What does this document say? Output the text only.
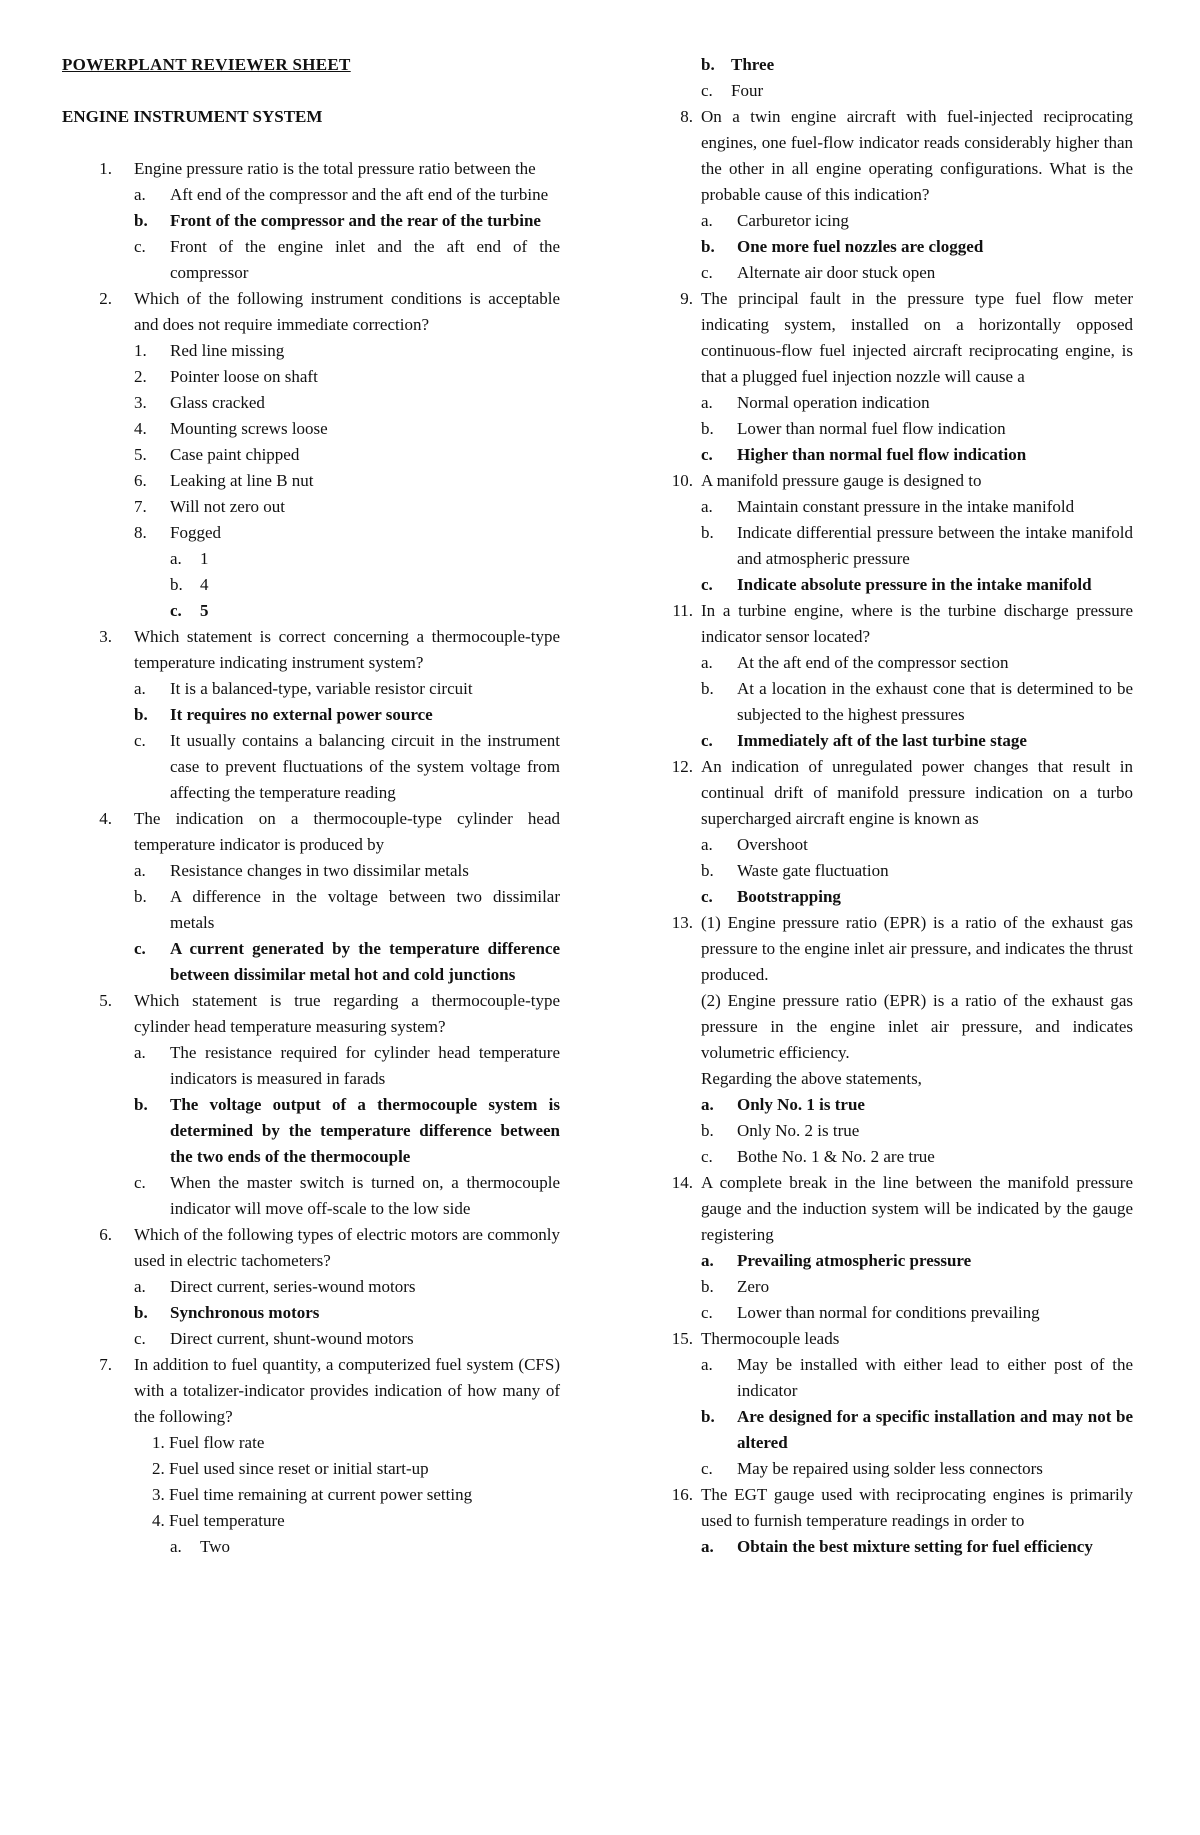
POWERPLANT REVIEWER SHEET
ENGINE INSTRUMENT SYSTEM
1. Engine pressure ratio is the total pressure ratio between the
a.	Aft end of the compressor and the aft end of the turbine
b.	Front of the compressor and the rear of the turbine
c.	Front of the engine inlet and the aft end of the compressor
2. Which of the following instrument conditions is acceptable and does not require immediate correction?
1.	Red line missing
2.	Pointer loose on shaft
3.	Glass cracked
4.	Mounting screws loose
5.	Case paint chipped
6.	Leaking at line B nut
7.	Will not zero out
8.	Fogged
a.	1
b.	4
c.	5
3. Which statement is correct concerning a thermocouple-type temperature indicating instrument system?
a.	It is a balanced-type, variable resistor circuit
b.	It requires no external power source
c.	It usually contains a balancing circuit in the instrument case to prevent fluctuations of the system voltage from affecting the temperature reading
4. The indication on a thermocouple-type cylinder head temperature indicator is produced by
a.	Resistance changes in two dissimilar metals
b.	A difference in the voltage between two dissimilar metals
c.	A current generated by the temperature difference between dissimilar metal hot and cold junctions
5. Which statement is true regarding a thermocouple-type cylinder head temperature measuring system?
a.	The resistance required for cylinder head temperature indicators is measured in farads
b.	The voltage output of a thermocouple system is determined by the temperature difference between the two ends of the thermocouple
c.	When the master switch is turned on, a thermocouple indicator will move off-scale to the low side
6. Which of the following types of electric motors are commonly used in electric tachometers?
a.	Direct current, series-wound motors
b.	Synchronous motors
c.	Direct current, shunt-wound motors
7. In addition to fuel quantity, a computerized fuel system (CFS) with a totalizer-indicator provides indication of how many of the following?
1. Fuel flow rate
2. Fuel used since reset or initial start-up
3. Fuel time remaining at current power setting
4. Fuel temperature
a.	Two
b. Three
c.	Four
8. On a twin engine aircraft with fuel-injected reciprocating engines, one fuel-flow indicator reads considerably higher than the other in all engine operating configurations. What is the probable cause of this indication?
a.	Carburetor icing
b.	One more fuel nozzles are clogged
c.	Alternate air door stuck open
9. The principal fault in the pressure type fuel flow meter indicating system, installed on a horizontally opposed continuous-flow fuel injected aircraft reciprocating engine, is that a plugged fuel injection nozzle will cause a
a.	Normal operation indication
b.	Lower than normal fuel flow indication
c.	Higher than normal fuel flow indication
10. A manifold pressure gauge is designed to
a.	Maintain constant pressure in the intake manifold
b.	Indicate differential pressure between the intake manifold and atmospheric pressure
c.	Indicate absolute pressure in the intake manifold
11. In a turbine engine, where is the turbine discharge pressure indicator sensor located?
a.	At the aft end of the compressor section
b.	At a location in the exhaust cone that is determined to be subjected to the highest pressures
c.	Immediately aft of the last turbine stage
12. An indication of unregulated power changes that result in continual drift of manifold pressure indication on a turbo supercharged aircraft engine is known as
a.	Overshoot
b.	Waste gate fluctuation
c.	Bootstrapping
13. (1) Engine pressure ratio (EPR) is a ratio of the exhaust gas pressure to the engine inlet air pressure, and indicates the thrust produced.
(2) Engine pressure ratio (EPR) is a ratio of the exhaust gas pressure in the engine inlet air pressure, and indicates volumetric efficiency.
Regarding the above statements,
a.	Only No. 1 is true
b.	Only No. 2 is true
c.	Bothe No. 1 & No. 2 are true
14. A complete break in the line between the manifold pressure gauge and the induction system will be indicated by the gauge registering
a.	Prevailing atmospheric pressure
b.	Zero
c.	Lower than normal for conditions prevailing
15. Thermocouple leads
a.	May be installed with either lead to either post of the indicator
b.	Are designed for a specific installation and may not be altered
c.	May be repaired using solder less connectors
16. The EGT gauge used with reciprocating engines is primarily used to furnish temperature readings in order to
a.	Obtain the best mixture setting for fuel efficiency
